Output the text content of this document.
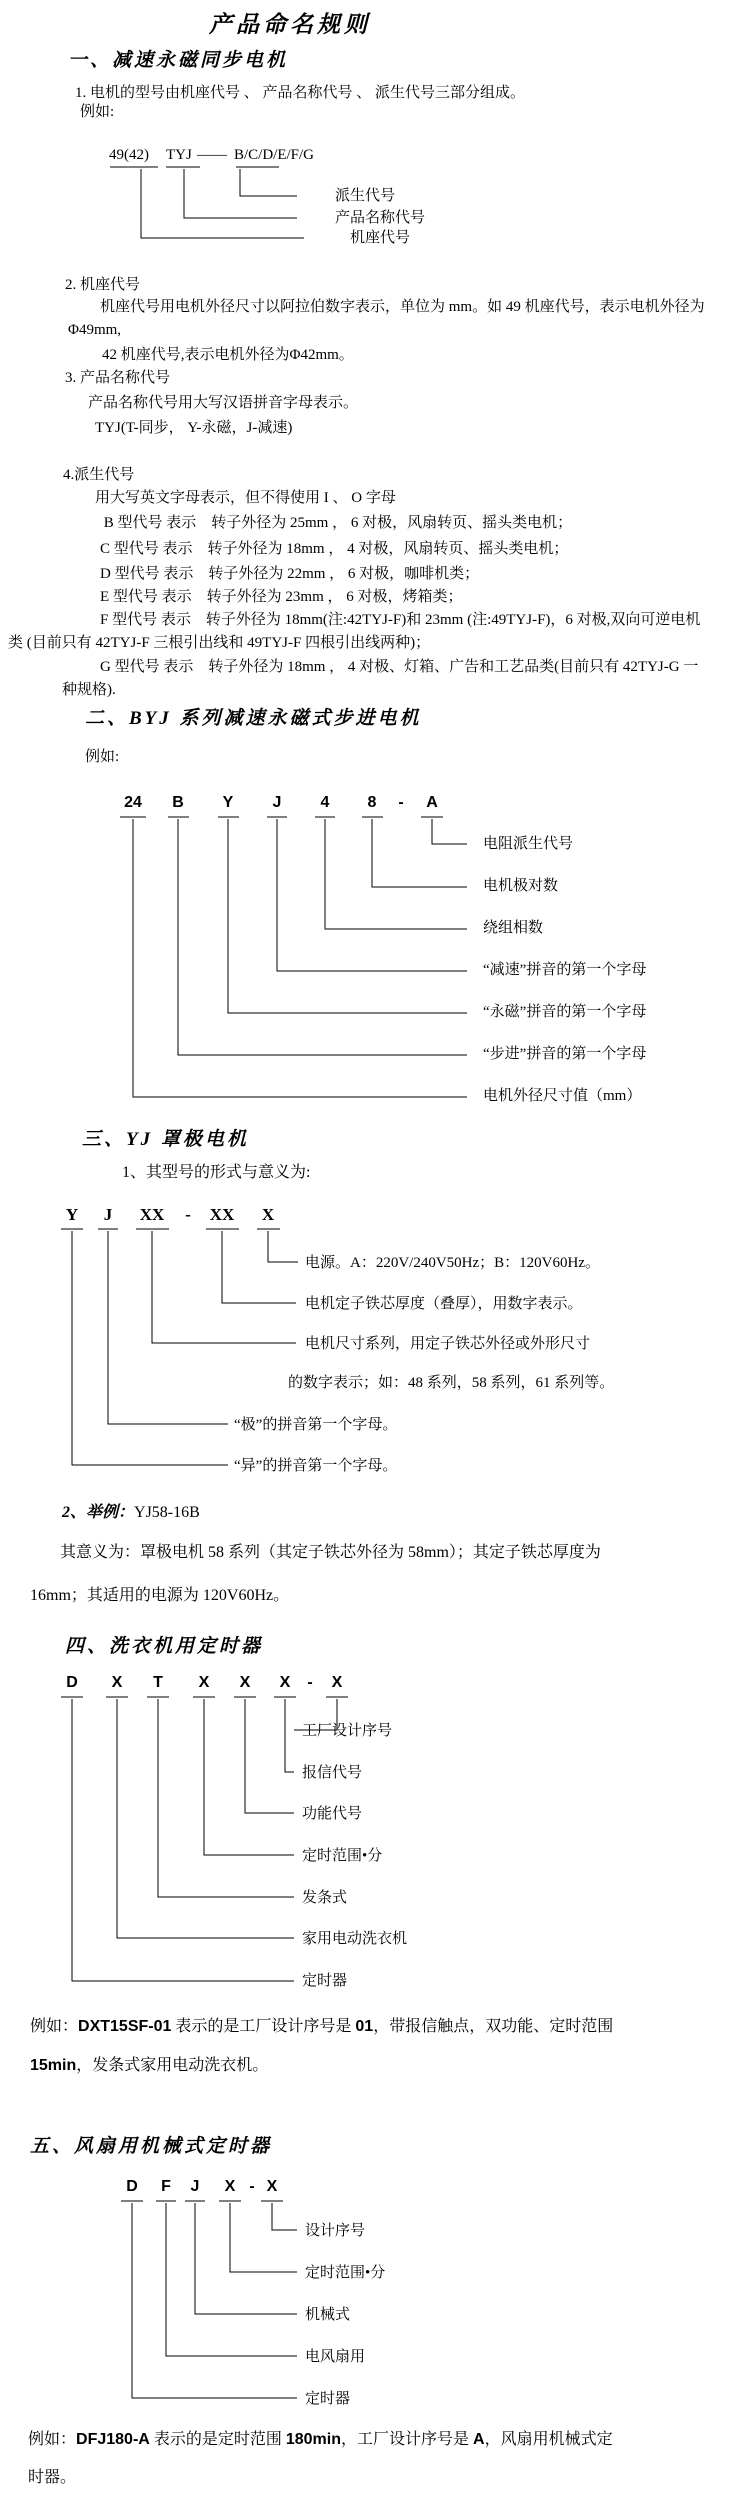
产品命名规则
一、减速永磁同步电机
1. 电机的型号由机座代号 、 产品名称代号 、 派生代号三部分组成。
例如:
49(42) TYJ —— B/C/D/E/F/G
派生代号
产品名称代号
机座代号
2. 机座代号
机座代号用电机外径尺寸以阿拉伯数字表示，单位为 mm。如 49 机座代号，表示电机外径为
Φ49mm,
42 机座代号,表示电机外径为Φ42mm。
3. 产品名称代号
产品名称代号用大写汉语拼音字母表示。
TYJ(T-同步， Y-永磁，J-减速)
4.派生代号
用大写英文字母表示，但不得使用 I 、 O 字母
B 型代号 表示　转子外径为 25mm ， 6 对极，风扇转页、摇头类电机；
C 型代号 表示　转子外径为 18mm ， 4 对极，风扇转页、摇头类电机；
D 型代号 表示　转子外径为 22mm ， 6 对极，咖啡机类；
E 型代号 表示　转子外径为 23mm ， 6 对极，烤箱类；
F 型代号 表示　转子外径为 18mm(注:42TYJ-F)和 23mm (注:49TYJ-F)，6 对极,双向可逆电机
类 (目前只有 42TYJ-F 三根引出线和 49TYJ-F 四根引出线两种)；
G 型代号 表示　转子外径为 18mm ， 4 对极、灯箱、广告和工艺品类(目前只有 42TYJ-G 一
种规格).
二、BYJ 系列减速永磁式步进电机
例如:
24	B	Y	J	4	8	-	A
电阻派生代号
电机极对数
绕组相数
“减速”拼音的第一个字母
“永磁”拼音的第一个字母
“步进”拼音的第一个字母
电机外径尺寸值（mm）
三、YJ 罩极电机
1、其型号的形式与意义为:
Y	J	XX	-	XX	X
电源。A：220V/240V50Hz；B：120V60Hz。
电机定子铁芯厚度（叠厚），用数字表示。
电机尺寸系列，用定子铁芯外径或外形尺寸
的数字表示；如：48 系列，58 系列，61 系列等。
“极”的拼音第一个字母。
“异”的拼音第一个字母。
2、举例：YJ58-16B
其意义为：罩极电机 58 系列（其定子铁芯外径为 58mm）；其定子铁芯厚度为
16mm；其适用的电源为 120V60Hz。
四、洗衣机用定时器
D	X	T	X	X	X	-	X
工厂设计序号
报信代号
功能代号
定时范围•分
发条式
家用电动洗衣机
定时器
例如：DXT15SF-01 表示的是工厂设计序号是 01，带报信触点，双功能、定时范围
15min，发条式家用电动洗衣机。
五、风扇用机械式定时器
D	F	J	X - X
设计序号
定时范围•分
机械式
电风扇用
定时器
例如：DFJ180-A 表示的是定时范围 180min，工厂设计序号是 A，风扇用机械式定
时器。
